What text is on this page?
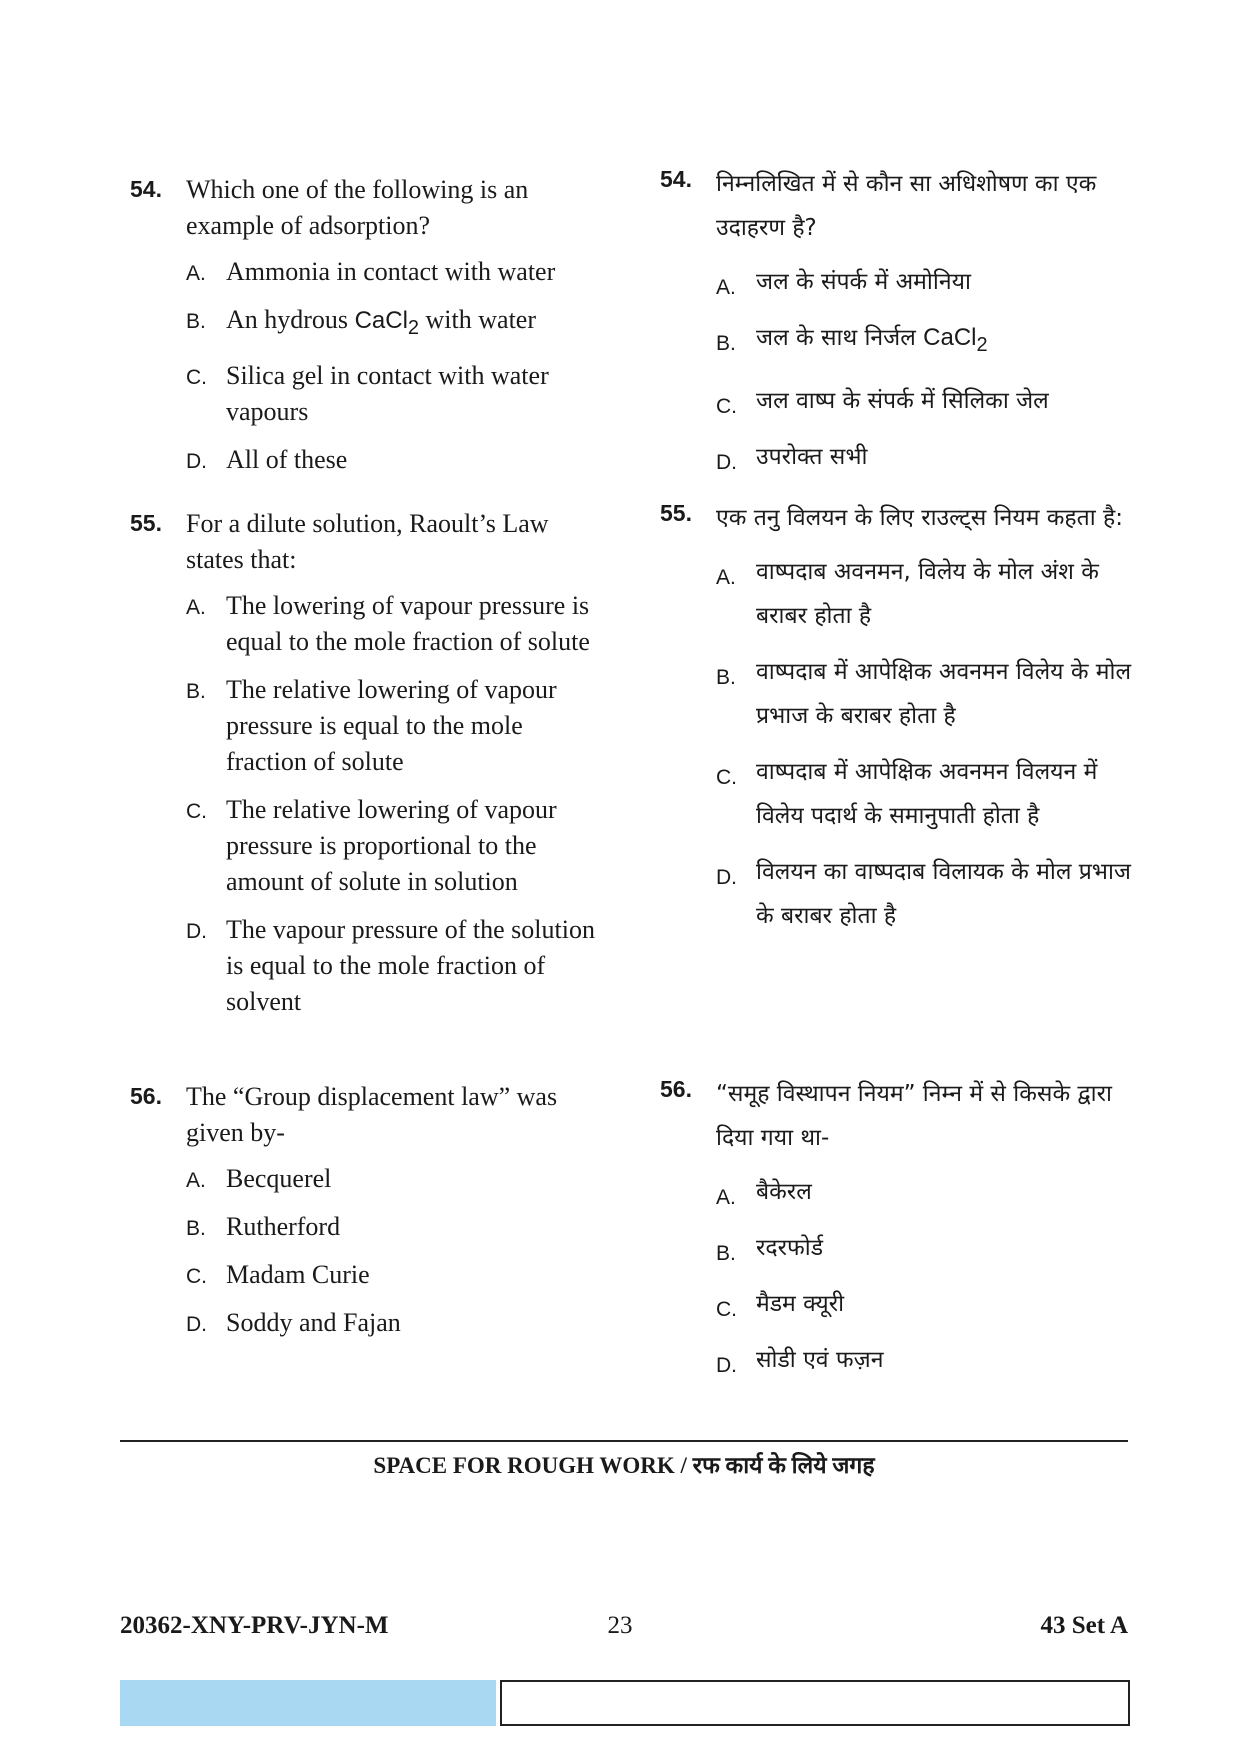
54. Which one of the following is an example of adsorption?
A. Ammonia in contact with water
B. An hydrous CaCl$_2$ with water
C. Silica gel in contact with water vapours
D. All of these
55. For a dilute solution, Raoult’s Law states that:
A. The lowering of vapour pressure is equal to the mole fraction of solute
B. The relative lowering of vapour pressure is equal to the mole fraction of solute
C. The relative lowering of vapour pressure is proportional to the amount of solute in solution
D. The vapour pressure of the solution is equal to the mole fraction of solvent
56. The “Group displacement law” was given by-
A. Becquerel
B. Rutherford
C. Madam Curie
D. Soddy and Fajan
54. निम्नलिखित में से कौन सा अधिशोषण का एक उदाहरण है?
A. जल के संपर्क में अमोनिया
B. जल के साथ निर्जल CaCl$_2$
C. जल वाष्प के संपर्क में सिलिका जेल
D. उपरोक्त सभी
55. एक तनु विलयन के लिए राउल्ट्स नियम कहता है:
A. वाष्पदाब अवनमन, विलेय के मोल अंश के बराबर होता है
B. वाष्पदाब में आपेक्षिक अवनमन विलेय के मोल प्रभाज के बराबर होता है
C. वाष्पदाब में आपेक्षिक अवनमन विलयन में विलेय पदार्थ के समानुपाती होता है
D. विलयन का वाष्पदाब विलायक के मोल प्रभाज के बराबर होता है
56. “समूह विस्थापन नियम” निम्न में से किसके द्वारा दिया गया था-
A. बैकेरल
B. रदरफोर्ड
C. मैडम क्यूरी
D. सोडी एवं फज़न
SPACE FOR ROUGH WORK / रफ कार्य के लिये जगह
20362-XNY-PRV-JYN-M	23	43 Set A
